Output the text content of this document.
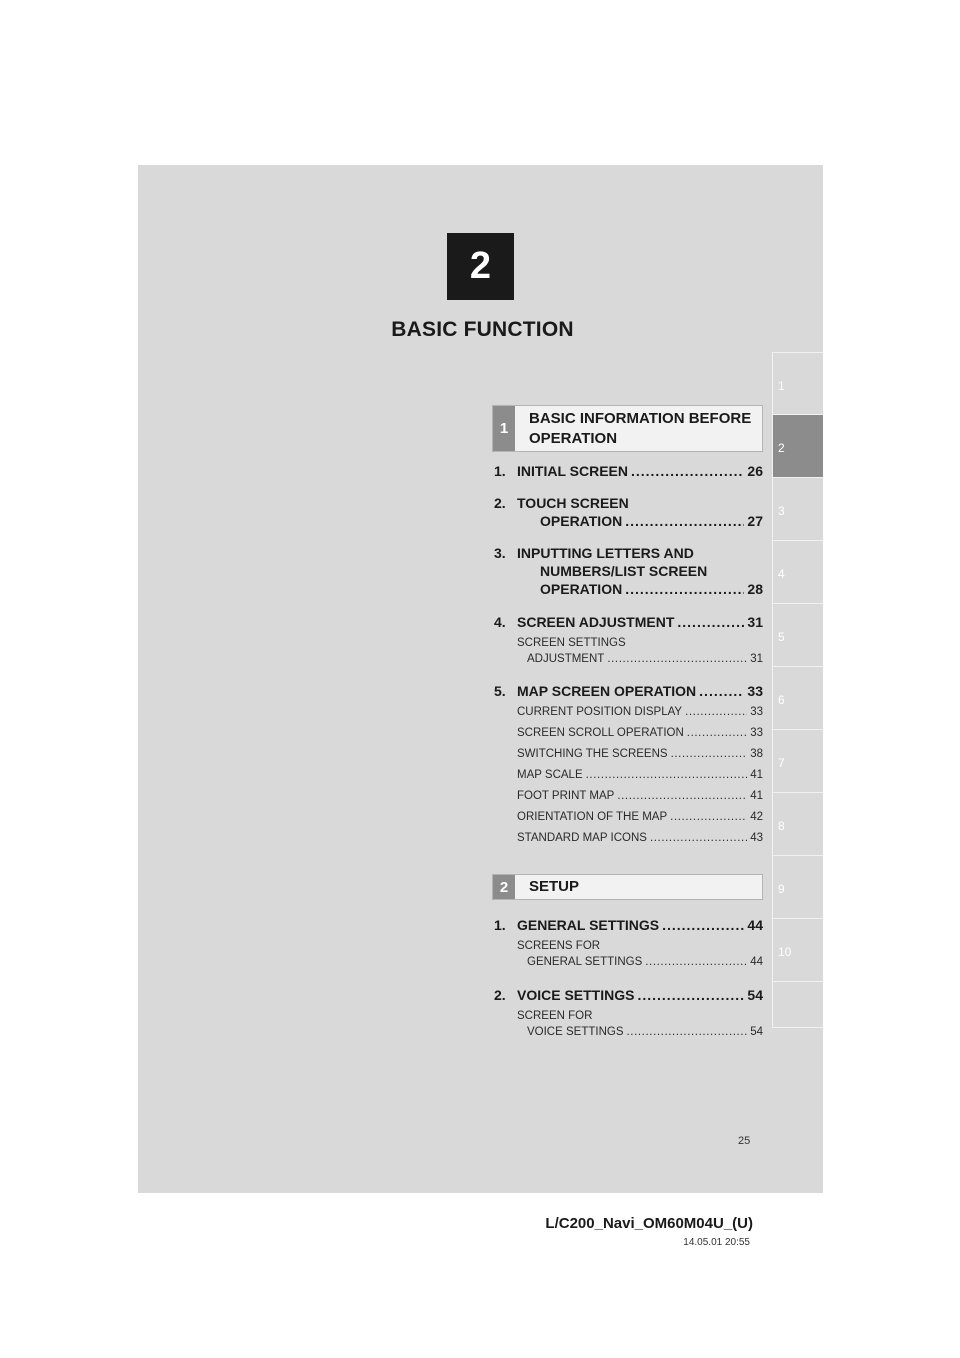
2
BASIC FUNCTION
1
2
3
4
5
6
7
8
9
10
1
BASIC INFORMATION BEFORE OPERATION
1. INITIAL SCREEN .....	26
2. TOUCH SCREEN
OPERATION .....	27
3. INPUTTING LETTERS AND
NUMBERS/LIST SCREEN
OPERATION .....	28
4. SCREEN ADJUSTMENT .....	31
SCREEN SETTINGS
ADJUSTMENT .....	31
5. MAP SCREEN OPERATION .....	33
CURRENT POSITION DISPLAY .....	33
SCREEN SCROLL OPERATION .....	33
SWITCHING THE SCREENS .....	38
MAP SCALE .....	41
FOOT PRINT MAP .....	41
ORIENTATION OF THE MAP .....	42
STANDARD MAP ICONS .....	43
2	SETUP
1. GENERAL SETTINGS .....	44
SCREENS FOR
GENERAL SETTINGS .....	44
2. VOICE SETTINGS .....	54
SCREEN FOR
VOICE SETTINGS .....	54
25
L/C200_Navi_OM60M04U_(U)
14.05.01 20:55
